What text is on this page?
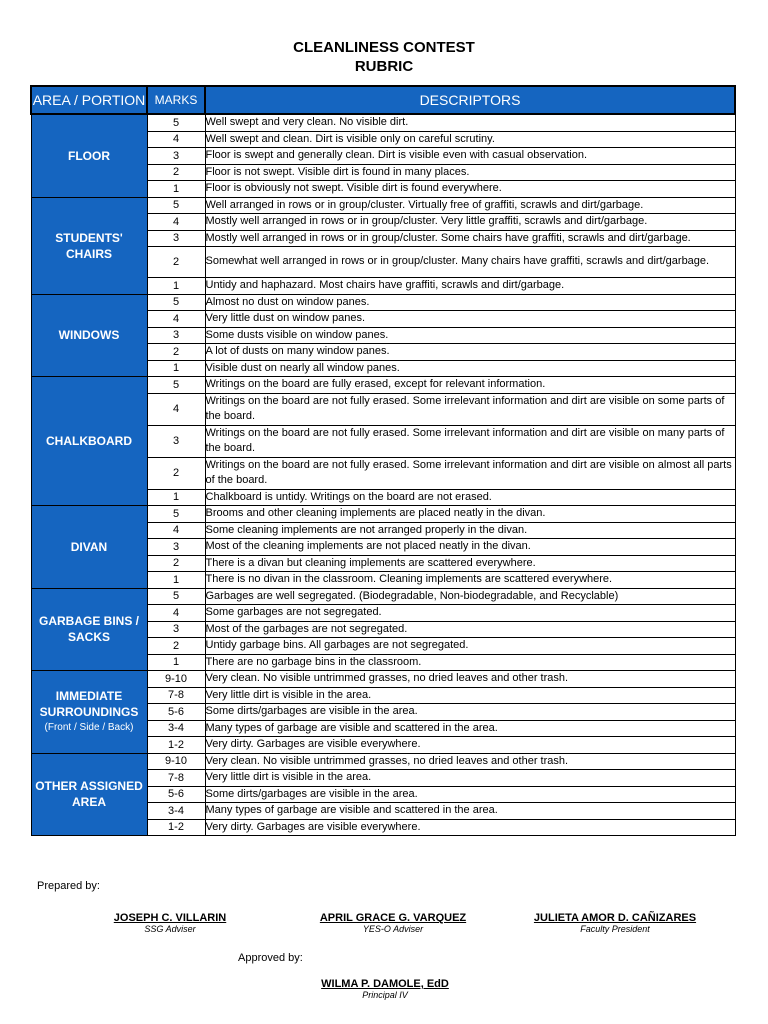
CLEANLINESS CONTEST
RUBRIC
AREA / PORTION	MARKS	DESCRIPTORS
FLOOR	5	Well swept and very clean. No visible dirt.
	4	Well swept and clean. Dirt is visible only on careful scrutiny.
	3	Floor is swept and generally clean. Dirt is visible even with casual observation.
	2	Floor is not swept. Visible dirt is found in many places.
	1	Floor is obviously not swept. Visible dirt is found everywhere.
STUDENTS' CHAIRS	5	Well arranged in rows or in group/cluster. Virtually free of graffiti, scrawls and dirt/garbage.
	4	Mostly well arranged in rows or in group/cluster. Very little graffiti, scrawls and dirt/garbage.
	3	Mostly well arranged in rows or in group/cluster. Some chairs have graffiti, scrawls and dirt/garbage.
	2	Somewhat well arranged in rows or in group/cluster. Many chairs have graffiti, scrawls and dirt/garbage.
	1	Untidy and haphazard. Most chairs have graffiti, scrawls and dirt/garbage.
WINDOWS	5	Almost no dust on window panes.
	4	Very little dust on window panes.
	3	Some dusts visible on window panes.
	2	A lot of dusts on many window panes.
	1	Visible dust on nearly all window panes.
CHALKBOARD	5	Writings on the board are fully erased, except for relevant information.
	4	Writings on the board are not fully erased. Some irrelevant information and dirt are visible on some parts of the board.
	3	Writings on the board are not fully erased. Some irrelevant information and dirt are visible on many parts of the board.
	2	Writings on the board are not fully erased. Some irrelevant information and dirt are visible on almost all parts of the board.
	1	Chalkboard is untidy. Writings on the board are not erased.
DIVAN	5	Brooms and other cleaning implements are placed neatly in the divan.
	4	Some cleaning implements are not arranged properly in the divan.
	3	Most of the cleaning implements are not placed neatly in the divan.
	2	There is a divan but cleaning implements are scattered everywhere.
	1	There is no divan in the classroom. Cleaning implements are scattered everywhere.
GARBAGE BINS / SACKS	5	Garbages are well segregated. (Biodegradable, Non-biodegradable, and Recyclable)
	4	Some garbages are not segregated.
	3	Most of the garbages are not segregated.
	2	Untidy garbage bins. All garbages are not segregated.
	1	There are no garbage bins in the classroom.
IMMEDIATE SURROUNDINGS
(Front / Side / Back)	9-10	Very clean. No visible untrimmed grasses, no dried leaves and other trash.
	7-8	Very little dirt is visible in the area.
	5-6	Some dirts/garbages are visible in the area.
	3-4	Many types of garbage are visible and scattered in the area.
	1-2	Very dirty. Garbages are visible everywhere.
OTHER ASSIGNED AREA	9-10	Very clean. No visible untrimmed grasses, no dried leaves and other trash.
	7-8	Very little dirt is visible in the area.
	5-6	Some dirts/garbages are visible in the area.
	3-4	Many types of garbage are visible and scattered in the area.
	1-2	Very dirty. Garbages are visible everywhere.
Prepared by:
JOSEPH C. VILLARIN
SSG Adviser
APRIL GRACE G. VARQUEZ
YES-O Adviser
JULIETA AMOR D. CAÑIZARES
Faculty President
Approved by:
WILMA P. DAMOLE, EdD
Principal IV
